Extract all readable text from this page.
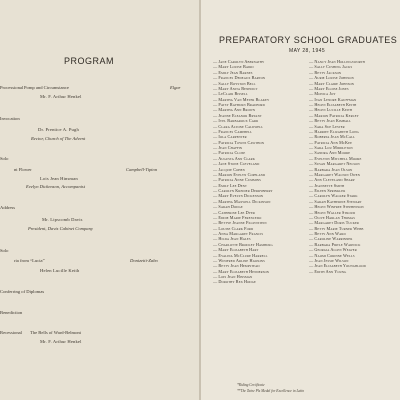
PROGRAM
Processional Pomp and Circumstance	Elgar
Mr. F. Arthur Henkel
Invocation
Dr. Prentice A. Pugh
Rector, Church of The Advent
Solo
nt Flower	Campbell-Tipton
Lois Jean Hinsman
Evelyn Dickenson, Accompanist
Address
Mr. Lipscomb Davis
President, Davis Cabinet Company
Solo
ria from “Lucia”	Donizetti-Zabo
Helen Lucille Keith
Conferring of Diplomas
Benediction
Recessional The Bells of Ward-Belmont
Mr. F. Arthur Henkel
PREPARATORY SCHOOL GRADUATES
MAY 28, 1945
— Jane Carolyn Abernathy
— Mary Louise Baird
— Emily Jean Barnes
— Frances Dedeaux Barton
— Sally Royston Bell
— Mary Anita Benedict
— LeClair Bissell
— Martha Van Meter Blakey
— Patsy Rayburn Bradford
— Martha Ann Brown
— Jeanne Eleanor Bryant
— Ivel Barbaroux Carr
— Clara Altone Caldwell
— Frances Campbell
— Iola Carpenter
— Patricia Towns Cawthon
— Jean Chaffin
— Patricia Close
— Augusta Ann Clark
— Jane Stone Cleveland
— Jacquie Cohen
— Marion Evelyn Copeland
— Patricia Anne Cummins
— Emily Lee Dent
— Carolyn Kreider Derryberry
— Mary Evelyn Dickenson
— Martha Maxwell Dickinson
— Sarah Dodge
— Catherine Lee Dyer
— Eddie Marie Ferencedo
— Bettye Jeanne Fillenstein
— Louise Clark Ford
— Anna Margaret Francis
— Hilda Jean Hales
— Charlotte Brodley Hamburg
— Mary Elizabeth Hart
— Evalina McClure Harrell
— Winifred Arline Hawkins
— Betty Jean Hempstead
— Mary Elizabeth Henderson
— Lois Jean Hinsman
— Dorothy Rex Hodge
— Nancy Jean Hollingsworth
— Sally Cushing Jacks
— Betty Jackson
— Aurie Louise Johnson
— Mary Claire Johnson
— Mary Eloise Jones
— Monica Joy
— Ivan Lenore Kauffman
— Helen Elizabeth Keith
— Helen Lucille Keith
— Marion Patricia Kerley
— Betty Jean Kimball
— Sara Sue Lester
— Harriet Elizabeth Long
— Roberta Jean McCall
— Patricia Ann McKee
— Sara Lou Middleton
— Sandra Ann Moore
— Evelynn Mitchell Moore
— Susan Margaret Nelson
— Barbara Jean Olson
— Margaret Walton Owen
— Ann Cleveland Sharp
— Jeannette Smith
— Eileen Sprinkler
— Carolyn Walker Stark
— Sarah Katherine Stewart
— Helen Winfree Stephenson
— Helen Waller Stroud
— Olive Harlan Thomas
— Margaret Doris Tucker
— Betty Marie Turner Webb
— Betty Ann Ward
— Caroline Warrinner
— Barbara Pirtle Warwick
— Georgia Allen Weaver
— Naomi Corinne Wells
— Jean Jessie Wilson
— Jean Elizabeth Youngblood
— Edith Ann Young
*Riding Certificate
**The Taine Pls Medal for Excellence in Latin
